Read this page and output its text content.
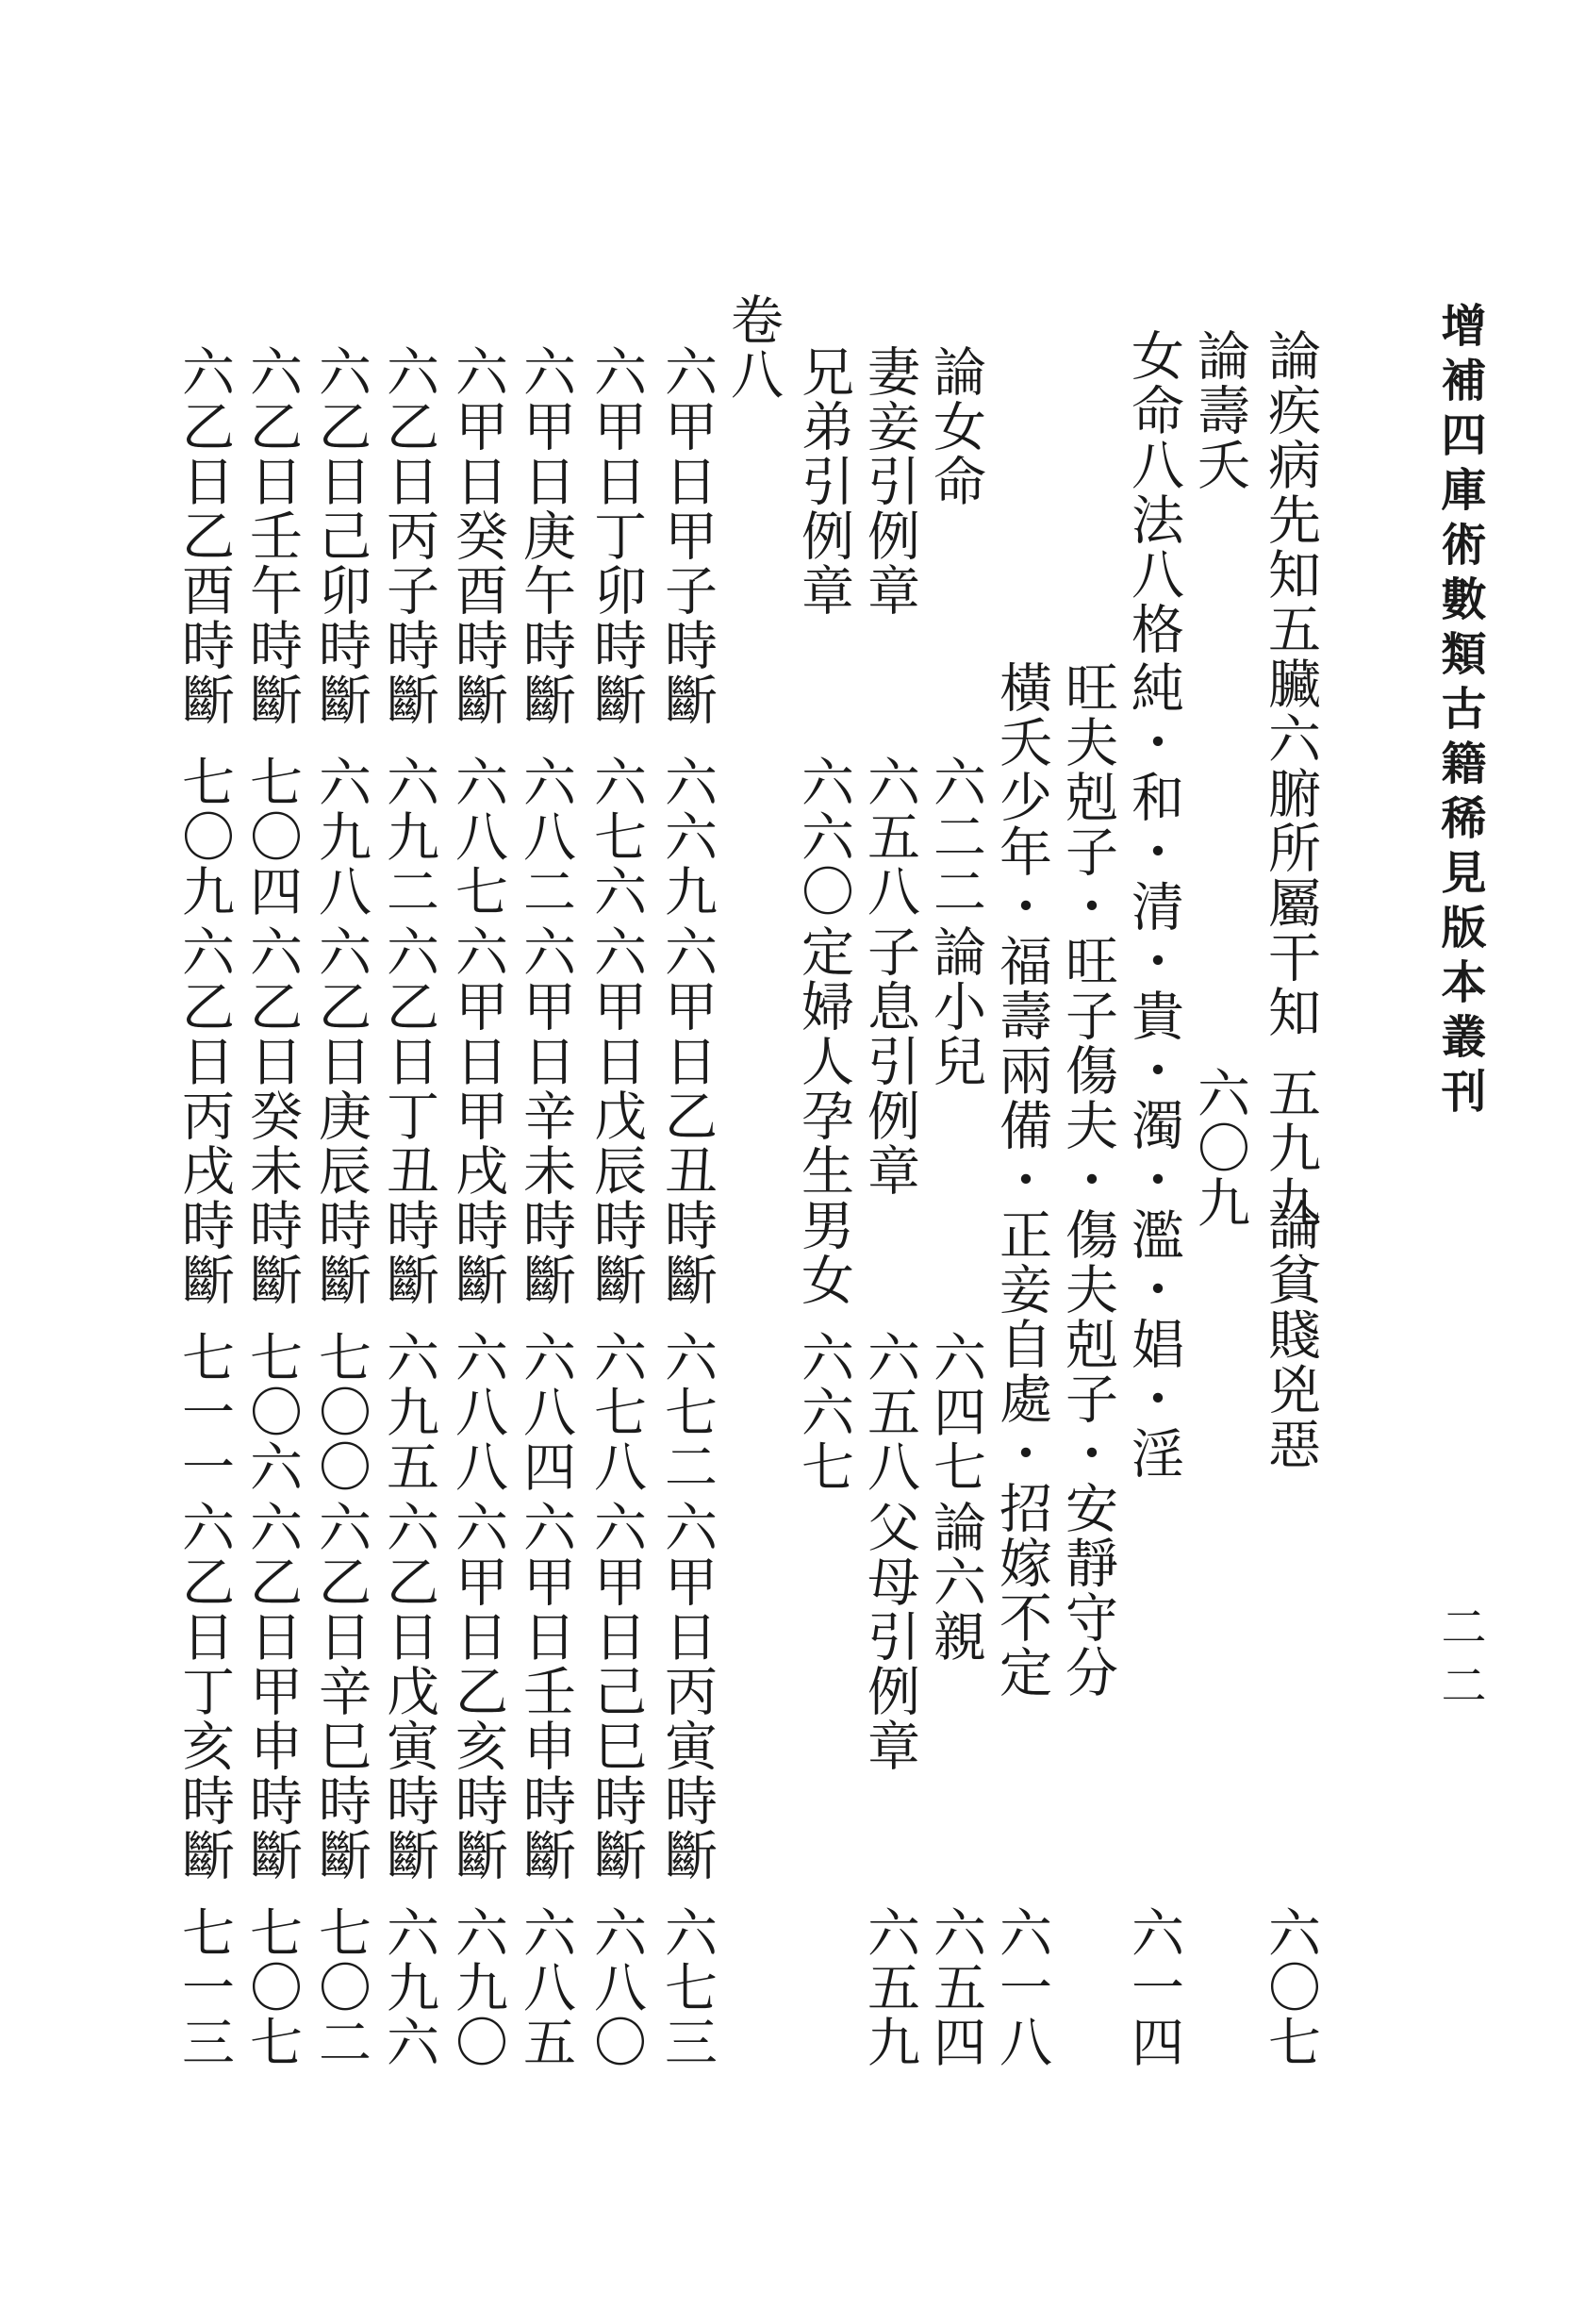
增補四庫術數類古籍稀見版本叢刊
二二
論疾病先知五臟六腑所屬干知
五九九
論貧賤兇惡
六〇七
論壽夭
六〇九
女命八法八格
純・和・清・貴・濁・濫・娼・淫
六一四
旺夫剋子・旺子傷夫・傷夫剋子・安靜守分
橫夭少年・福壽兩備・正妾自處・招嫁不定
六一八
論女命
六二二
論小兒
六四七
論六親
六五四
妻妾引例章
六五八
子息引例章
六五八
父母引例章
六五九
兄弟引例章
六六〇
定婦人孕生男女
六六七
卷八
六甲日甲子時斷
六六九
六甲日乙丑時斷
六七二
六甲日丙寅時斷
六七三
六甲日丁卯時斷
六七六
六甲日戊辰時斷
六七八
六甲日己巳時斷
六八〇
六甲日庚午時斷
六八二
六甲日辛未時斷
六八四
六甲日壬申時斷
六八五
六甲日癸酉時斷
六八七
六甲日甲戌時斷
六八八
六甲日乙亥時斷
六九〇
六乙日丙子時斷
六九二
六乙日丁丑時斷
六九五
六乙日戊寅時斷
六九六
六乙日己卯時斷
六九八
六乙日庚辰時斷
七〇〇
六乙日辛巳時斷
七〇二
六乙日壬午時斷
七〇四
六乙日癸未時斷
七〇六
六乙日甲申時斷
七〇七
六乙日乙酉時斷
七〇九
六乙日丙戌時斷
七一一
六乙日丁亥時斷
七一三
